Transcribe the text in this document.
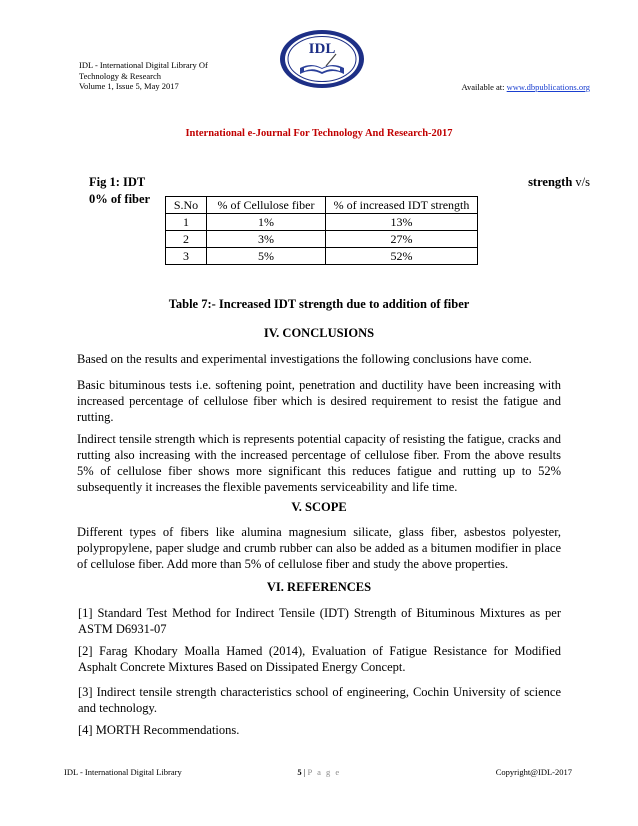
IDL - International Digital Library Of
Technology & Research
Volume 1, Issue 5, May 2017
IDL
Available at: www.dbpublications.org
International e-Journal For Technology And Research-2017
Fig 1: IDT
0% of fiber
strength v/s
S.No	% of Cellulose fiber	% of increased IDT strength
1	1%	13%
2	3%	27%
3	5%	52%
Table 7:- Increased IDT strength due to addition of fiber
IV. CONCLUSIONS
Based on the results and experimental investigations the following conclusions have come.
Basic bituminous tests i.e. softening point, penetration and ductility have been increasing with increased percentage of cellulose fiber which is desired requirement to resist the fatigue and rutting.
Indirect tensile strength which is represents potential capacity of resisting the fatigue, cracks and rutting also increasing with the increased percentage of cellulose fiber. From the above results 5% of cellulose fiber shows more significant this reduces fatigue and rutting up to 52% subsequently it increases the flexible pavements serviceability and life time.
V. SCOPE
Different types of fibers like alumina magnesium silicate, glass fiber, asbestos polyester, polypropylene, paper sludge and crumb rubber can also be added as a bitumen modifier in place of cellulose fiber. Add more than 5% of cellulose fiber and study the above properties.
VI. REFERENCES
[1] Standard Test Method for Indirect Tensile (IDT) Strength of Bituminous Mixtures as per ASTM D6931-07
[2] Farag Khodary Moalla Hamed (2014), Evaluation of Fatigue Resistance for Modified Asphalt Concrete Mixtures Based on Dissipated Energy Concept.
[3] Indirect tensile strength characteristics school of engineering, Cochin University of science and technology.
[4] MORTH Recommendations.
IDL - International Digital Library	5 | P a g e	Copyright@IDL-2017
